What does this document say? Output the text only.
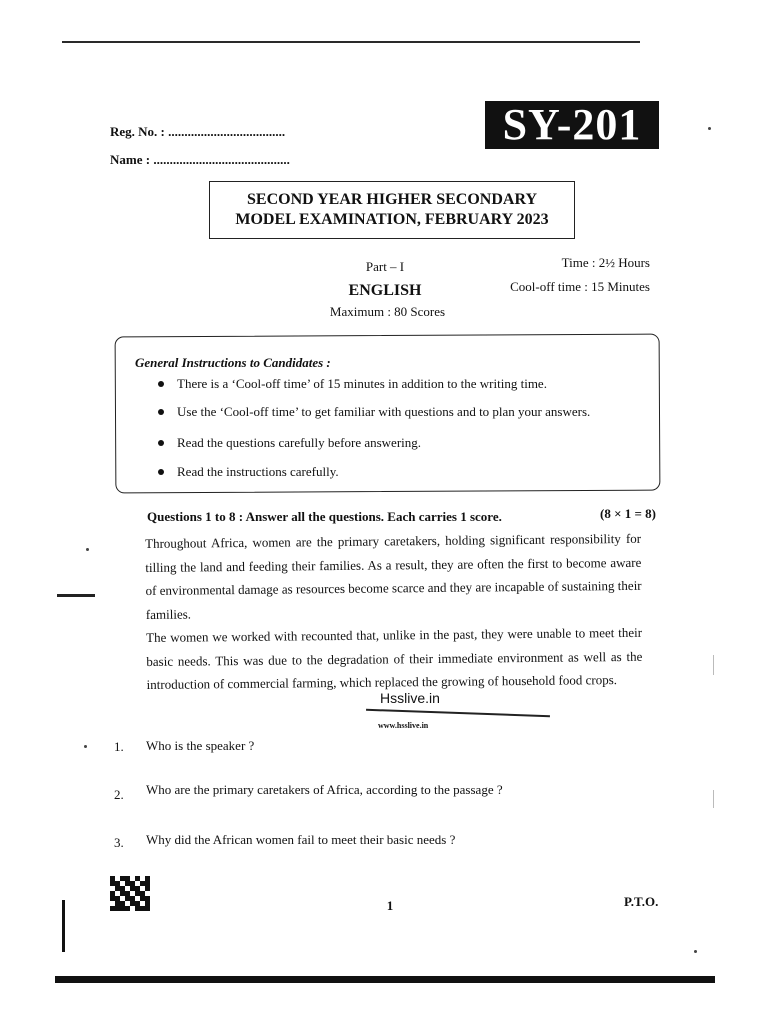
Reg. No. : ....................................
Name : ..........................................
SY-201
SECOND YEAR HIGHER SECONDARY
MODEL EXAMINATION, FEBRUARY 2023
Part – I
ENGLISH
Maximum : 80 Scores
Time : 2½ Hours
Cool-off time : 15 Minutes
General Instructions to Candidates :
There is a ‘Cool-off time’ of 15 minutes in addition to the writing time.
Use the ‘Cool-off time’ to get familiar with questions and to plan your answers.
Read the questions carefully before answering.
Read the instructions carefully.
Questions 1 to 8 : Answer all the questions. Each carries 1 score.	(8 × 1 = 8)

Throughout Africa, women are the primary caretakers, holding significant responsibility for tilling the land and feeding their families. As a result, they are often the first to become aware of environmental damage as resources become scarce and they are incapable of sustaining their families.

The women we worked with recounted that, unlike in the past, they were unable to meet their basic needs. This was due to the degradation of their immediate environment as well as the introduction of commercial farming, which replaced the growing of household food crops.

Hsslive.in
www.hsslive.in
1. Who is the speaker ?
2. Who are the primary caretakers of Africa, according to the passage ?
3. Why did the African women fail to meet their basic needs ?
1	P.T.O.
